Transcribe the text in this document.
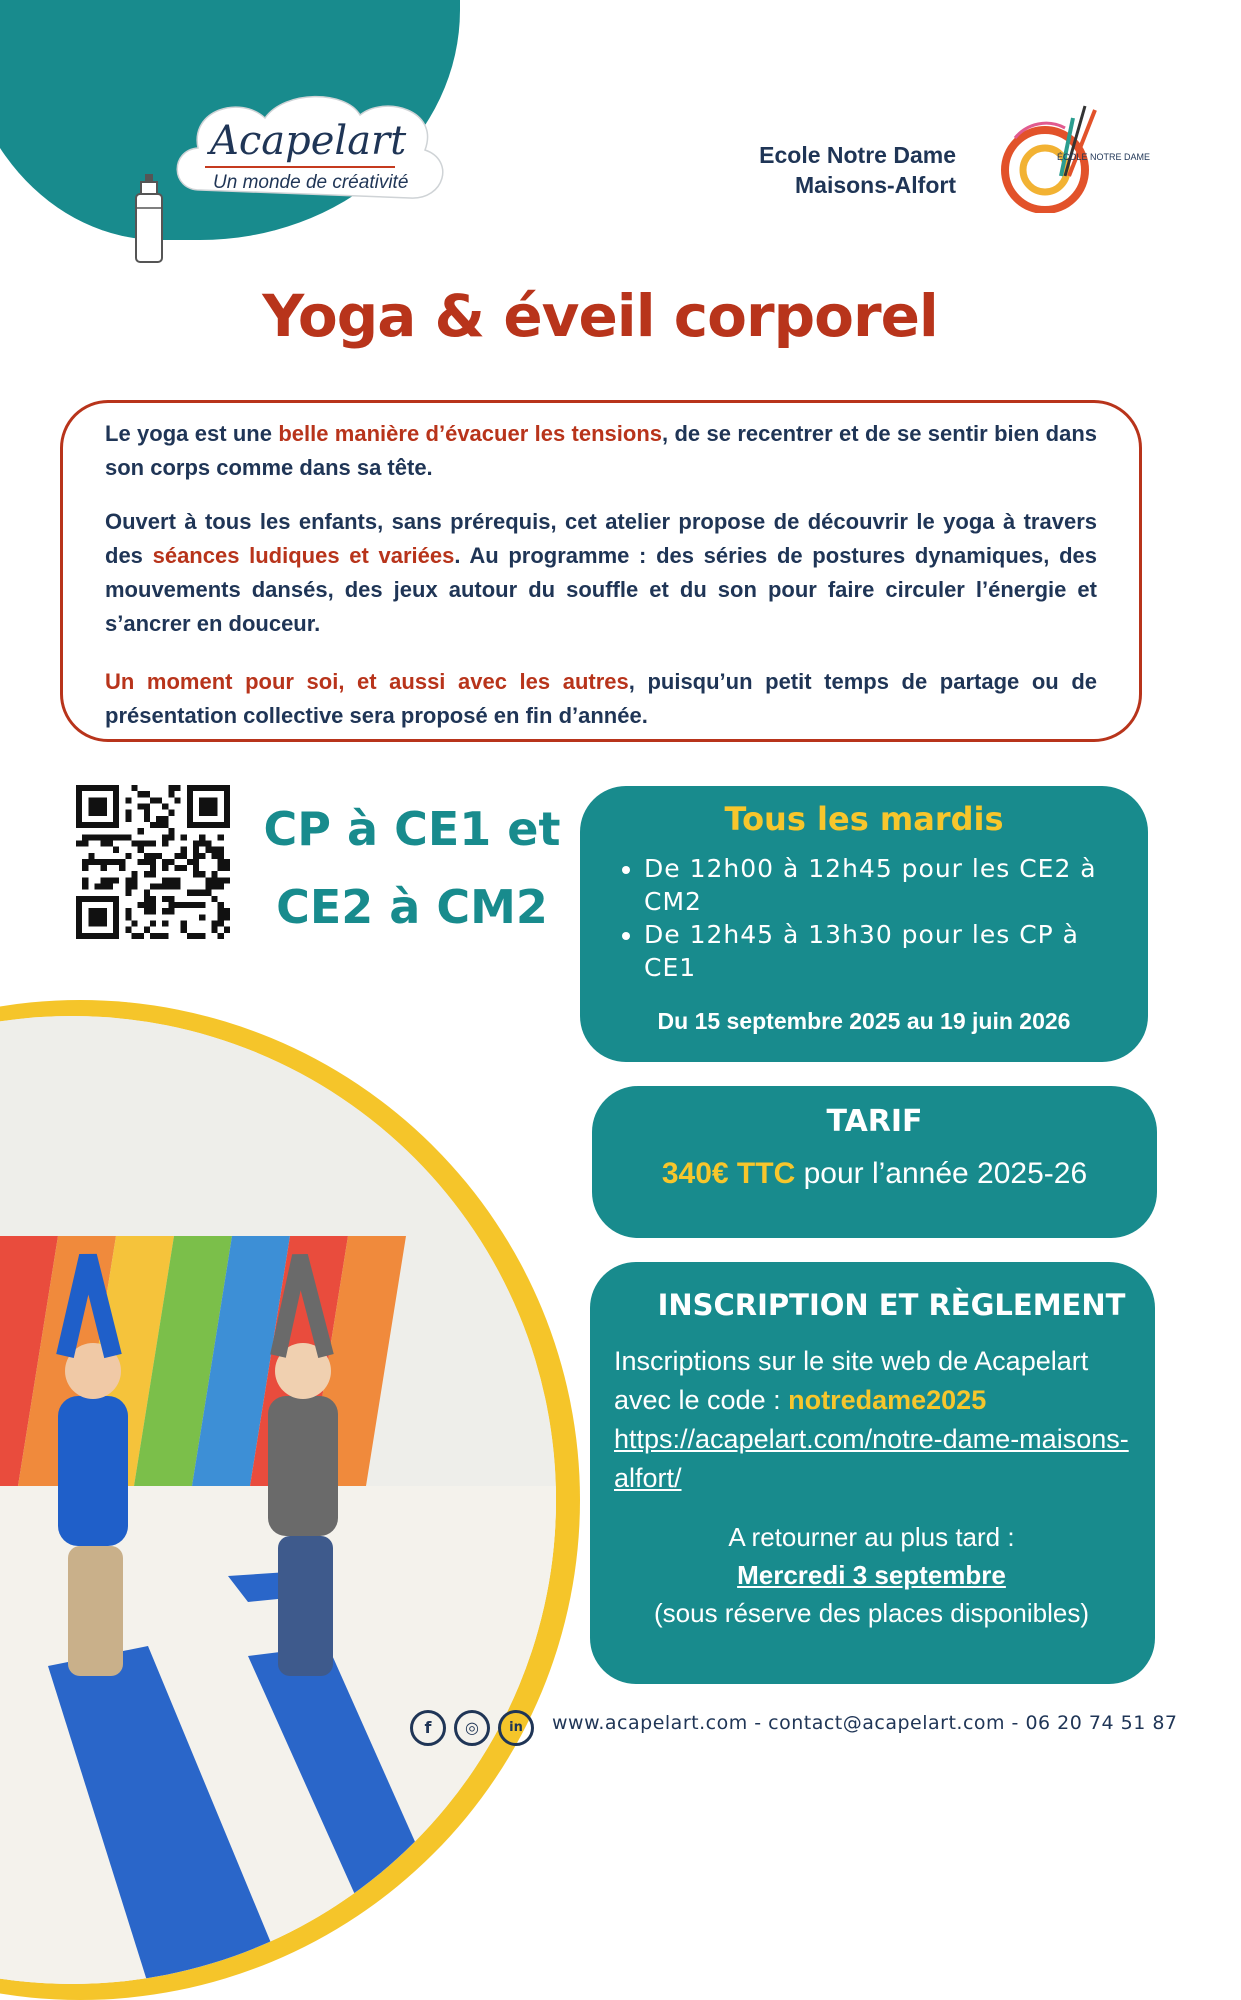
Acapelart
Un monde de créativité
Ecole Notre Dame
Maisons-Alfort
ÉCOLE NOTRE DAME
Yoga & éveil corporel

Le yoga est une belle manière d’évacuer les tensions, de se recentrer et de se sentir bien dans son corps comme dans sa tête.

Ouvert à tous les enfants, sans prérequis, cet atelier propose de découvrir le yoga à travers des séances ludiques et variées. Au programme : des séries de postures dynamiques, des mouvements dansés, des jeux autour du souffle et du son pour faire circuler l’énergie et s’ancrer en douceur.

Un moment pour soi, et aussi avec les autres, puisqu’un petit temps de partage ou de présentation collective sera proposé en fin d’année.

CP à CE1 et
CE2 à CM2
Tous les mardis
• De 12h00 à 12h45 pour les CE2 à CM2
• De 12h45 à 13h30 pour les CP à CE1
Du 15 septembre 2025 au 19 juin 2026
TARIF
340€ TTC pour l’année 2025-26
INSCRIPTION ET RÈGLEMENT
Inscriptions sur le site web de Acapelart avec le code : notredame2025
https://acapelart.com/notre-dame-maisons-alfort/
A retourner au plus tard :
Mercredi 3 septembre
(sous réserve des places disponibles)
f	◎	in	www.acapelart.com - contact@acapelart.com - 06 20 74 51 87
